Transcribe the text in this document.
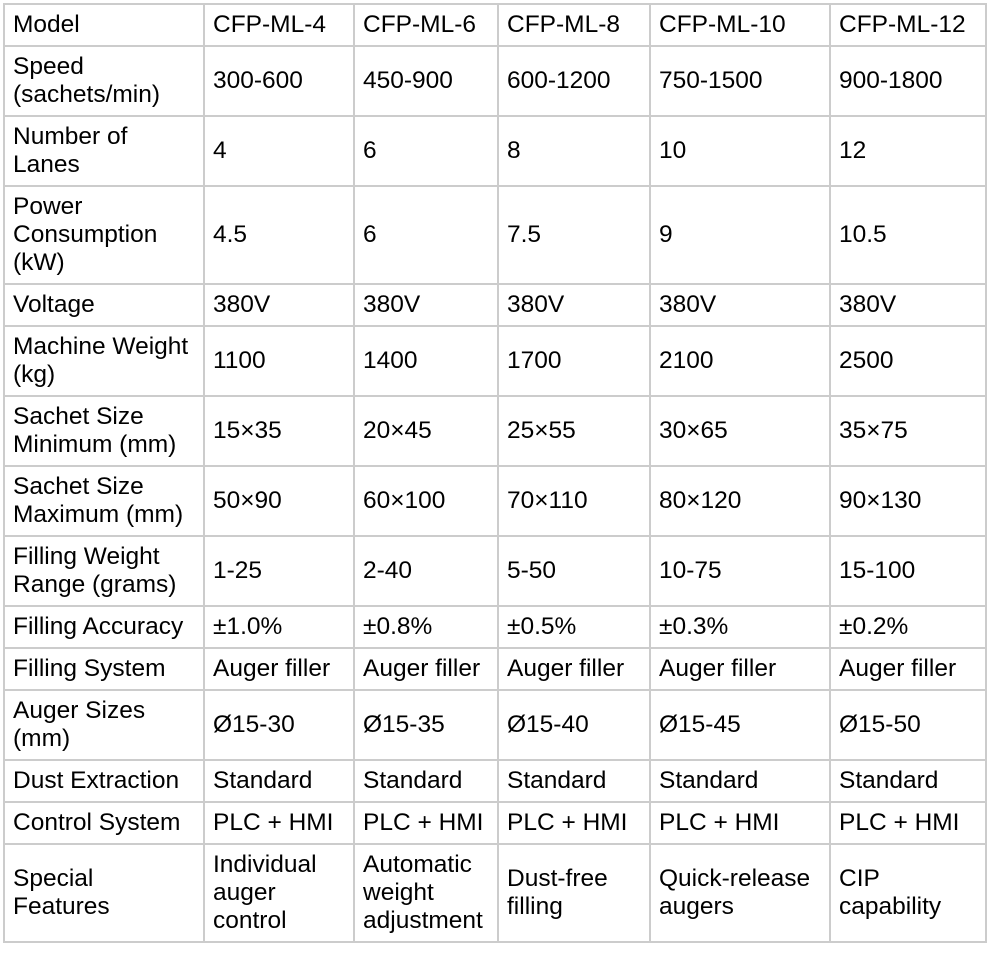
Model	CFP-ML-4	CFP-ML-6	CFP-ML-8	CFP-ML-10	CFP-ML-12
Speed (sachets/min)	300-600	450-900	600-1200	750-1500	900-1800
Number of Lanes	4	6	8	10	12
Power Consumption (kW)	4.5	6	7.5	9	10.5
Voltage	380V	380V	380V	380V	380V
Machine Weight (kg)	1100	1400	1700	2100	2500
Sachet Size Minimum (mm)	15×35	20×45	25×55	30×65	35×75
Sachet Size Maximum (mm)	50×90	60×100	70×110	80×120	90×130
Filling Weight Range (grams)	1-25	2-40	5-50	10-75	15-100
Filling Accuracy	±1.0%	±0.8%	±0.5%	±0.3%	±0.2%
Filling System	Auger filler	Auger filler	Auger filler	Auger filler	Auger filler
Auger Sizes (mm)	Ø15-30	Ø15-35	Ø15-40	Ø15-45	Ø15-50
Dust Extraction	Standard	Standard	Standard	Standard	Standard
Control System	PLC + HMI	PLC + HMI	PLC + HMI	PLC + HMI	PLC + HMI
Special Features	Individual auger control	Automatic weight adjustment	Dust-free filling	Quick-release augers	CIP capability
